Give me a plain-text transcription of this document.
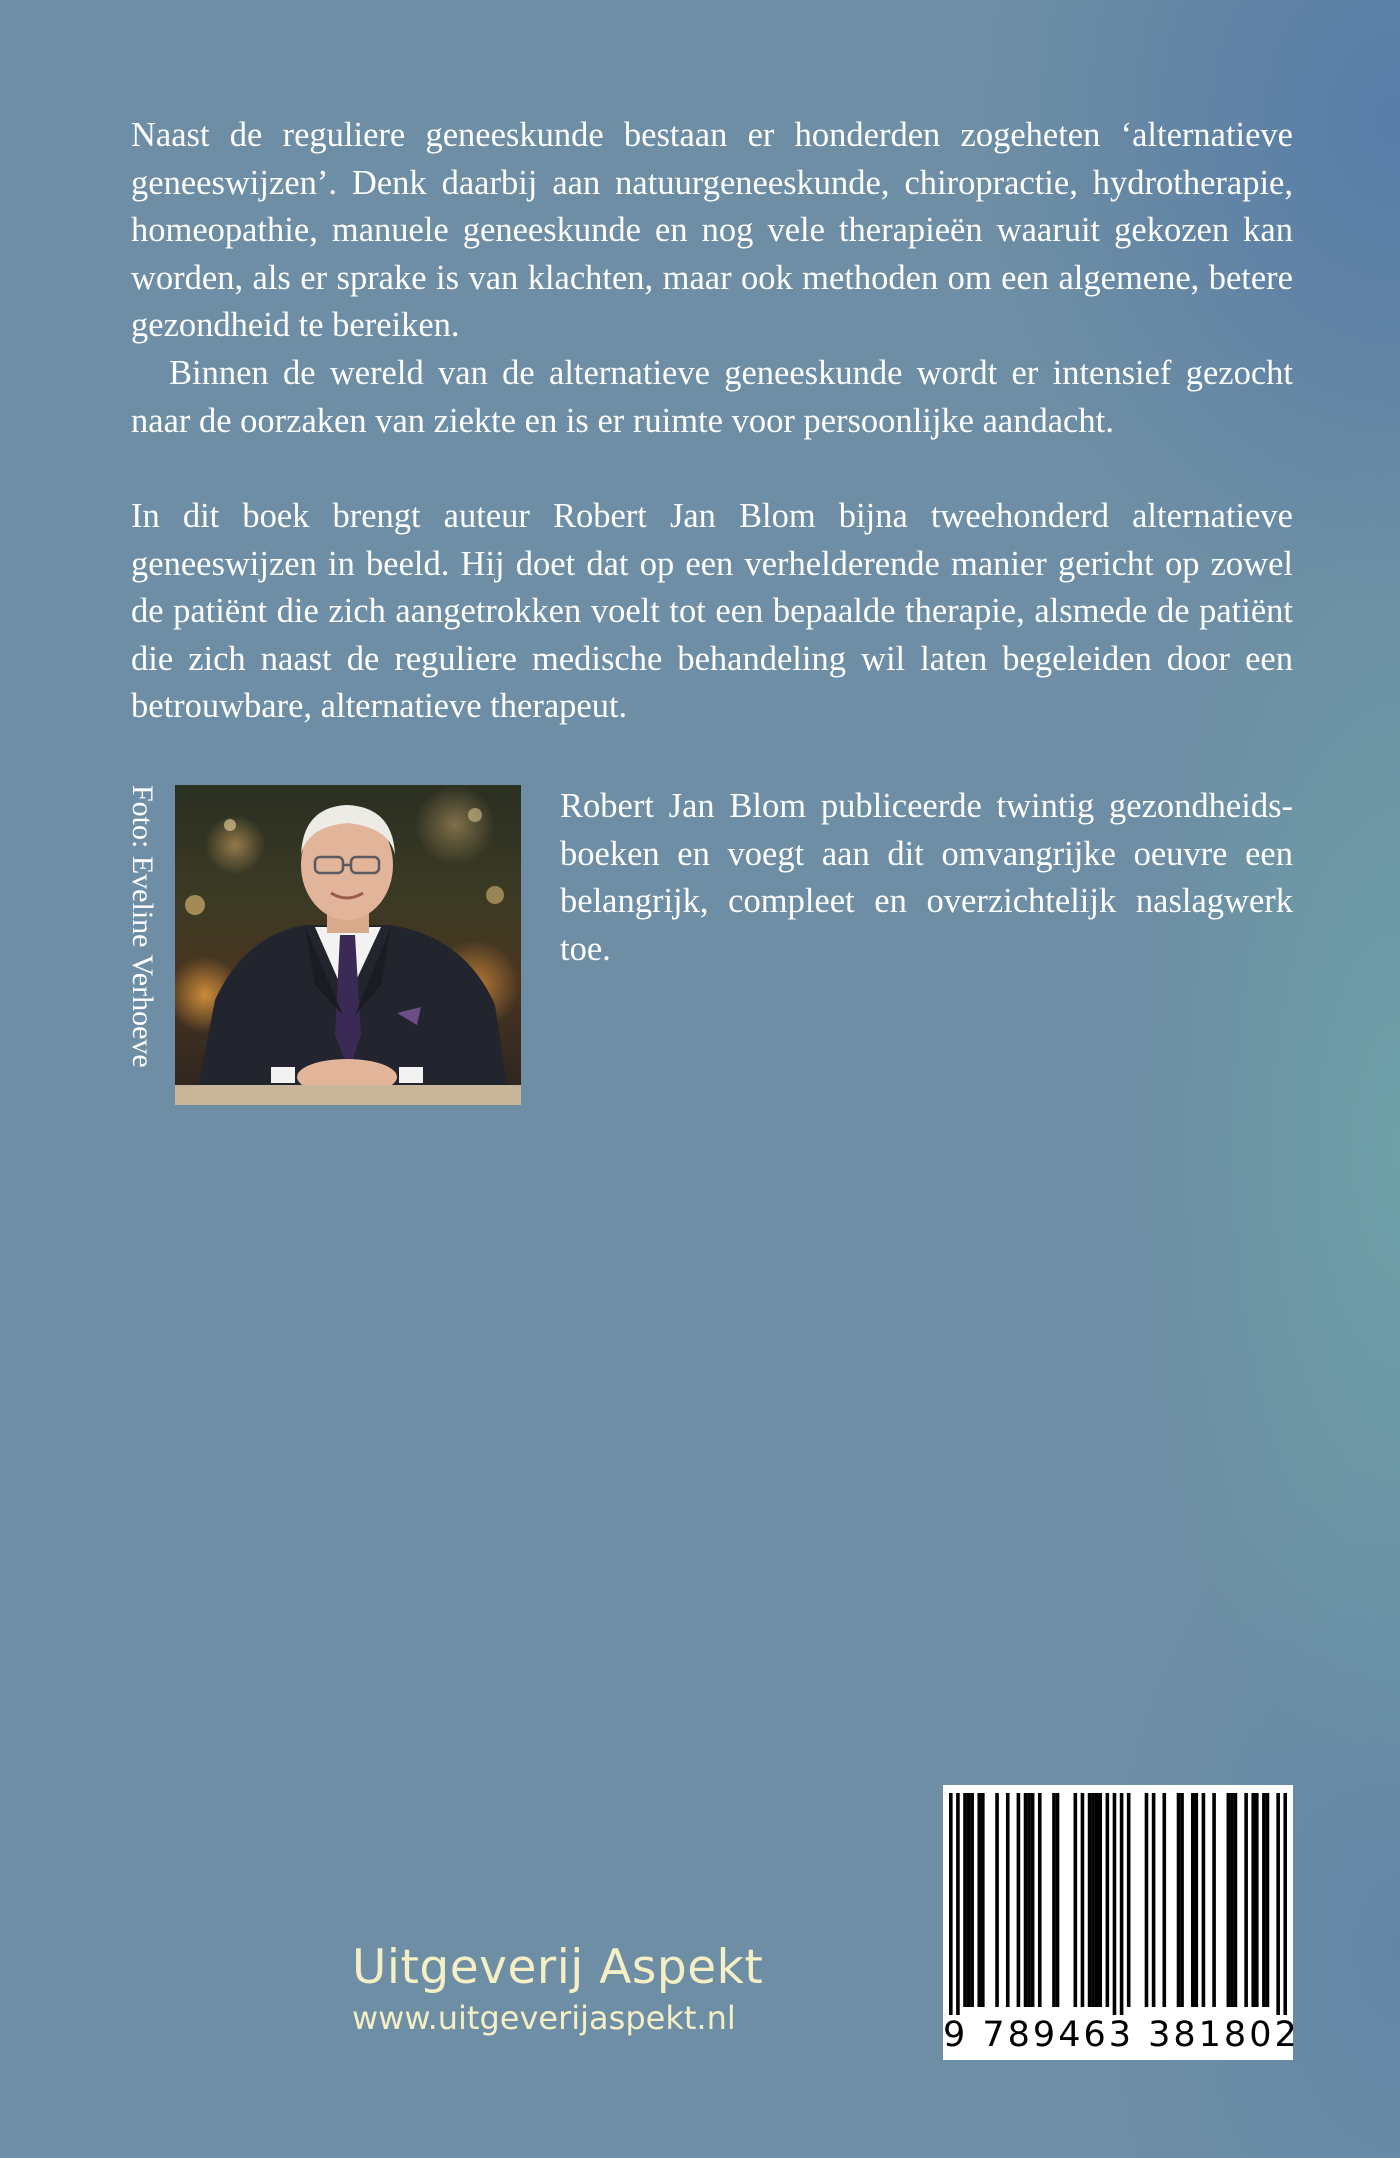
Naast de reguliere geneeskunde bestaan er honderden zogeheten ‘alternatieve geneeswijzen’. Denk daarbij aan natuurgeneeskunde, chiropractie, hydrotherapie, homeopathie, manuele geneeskunde en nog vele therapieën waaruit gekozen kan worden, als er sprake is van klachten, maar ook methoden om een algemene, betere gezondheid te bereiken.

Binnen de wereld van de alternatieve geneeskunde wordt er intensief gezocht naar de oorzaken van ziekte en is er ruimte voor persoonlijke aandacht.

In dit boek brengt auteur Robert Jan Blom bijna tweehonderd alternatieve geneeswijzen in beeld. Hij doet dat op een verhelderende manier gericht op zowel de patiënt die zich aangetrokken voelt tot een bepaalde therapie, alsmede de patiënt die zich naast de reguliere medische behandeling wil laten begeleiden door een betrouwbare, alternatieve therapeut.

Foto: Eveline Verhoeve	Robert Jan Blom publiceerde twintig gezondheidsboeken en voegt aan dit omvangrijke oeuvre een belangrijk, compleet en overzichtelijk naslagwerk toe.

Uitgeverij Aspekt
www.uitgeverijaspekt.nl	9 789463 381802
